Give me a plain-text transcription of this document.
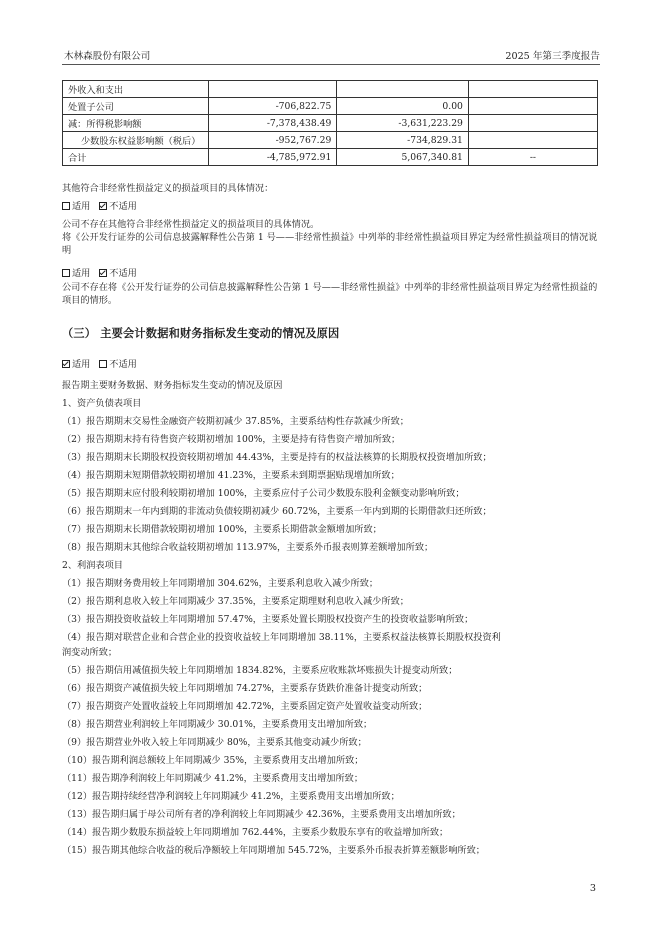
木林森股份有限公司	2025 年第三季度报告
外收入和支出			
处置子公司	-706,822.75	0.00	
减：所得税影响额	-7,378,438.49	-3,631,223.29	
少数股东权益影响额（税后）	-952,767.29	-734,829.31	
合计	-4,785,972.91	5,067,340.81	--
其他符合非经常性损益定义的损益项目的具体情况：
适用 不适用
公司不存在其他符合非经常性损益定义的损益项目的具体情况。
将《公开发行证券的公司信息披露解释性公告第 1 号——非经常性损益》中列举的非经常性损益项目界定为经常性损益项目的情况说明
适用 不适用
公司不存在将《公开发行证券的公司信息披露解释性公告第 1 号——非经常性损益》中列举的非经常性损益项目界定为经常性损益的项目的情形。
（三） 主要会计数据和财务指标发生变动的情况及原因
适用 不适用
报告期主要财务数据、财务指标发生变动的情况及原因
1、资产负债表项目
（1）报告期期末交易性金融资产较期初减少 37.85%，主要系结构性存款减少所致；
（2）报告期期末持有待售资产较期初增加 100%，主要是持有待售资产增加所致；
（3）报告期期末长期股权投资较期初增加 44.43%，主要是持有的权益法核算的长期股权投资增加所致；
（4）报告期期末短期借款较期初增加 41.23%，主要系未到期票据贴现增加所致；
（5）报告期期末应付股利较期初增加 100%，主要系应付子公司少数股东股利金额变动影响所致；
（6）报告期期末一年内到期的非流动负债较期初减少 60.72%，主要系一年内到期的长期借款归还所致；
（7）报告期期末长期借款较期初增加 100%，主要系长期借款金额增加所致；
（8）报告期期末其他综合收益较期初增加 113.97%，主要系外币报表则算差额增加所致；
2、利润表项目
（1）报告期财务费用较上年同期增加 304.62%，主要系利息收入减少所致；
（2）报告期利息收入较上年同期减少 37.35%，主要系定期理财利息收入减少所致；
（3）报告期投资收益较上年同期增加 57.47%，主要系处置长期股权投资产生的投资收益影响所致；
（4）报告期对联营企业和合营企业的投资收益较上年同期增加 38.11%，主要系权益法核算长期股权投资利
润变动所致；
（5）报告期信用减值损失较上年同期增加 1834.82%，主要系应收账款坏账损失计提变动所致；
（6）报告期资产减值损失较上年同期增加 74.27%，主要系存货跌价准备计提变动所致；
（7）报告期资产处置收益较上年同期增加 42.72%，主要系固定资产处置收益变动所致；
（8）报告期营业利润较上年同期减少 30.01%，主要系费用支出增加所致；
（9）报告期营业外收入较上年同期减少 80%，主要系其他变动减少所致；
（10）报告期利润总额较上年同期减少 35%，主要系费用支出增加所致；
（11）报告期净利润较上年同期减少 41.2%，主要系费用支出增加所致；
（12）报告期持续经营净利润较上年同期减少 41.2%，主要系费用支出增加所致；
（13）报告期归属于母公司所有者的净利润较上年同期减少 42.36%，主要系费用支出增加所致；
（14）报告期少数股东损益较上年同期增加 762.44%，主要系少数股东享有的收益增加所致；
（15）报告期其他综合收益的税后净额较上年同期增加 545.72%，主要系外币报表折算差额影响所致；
3
